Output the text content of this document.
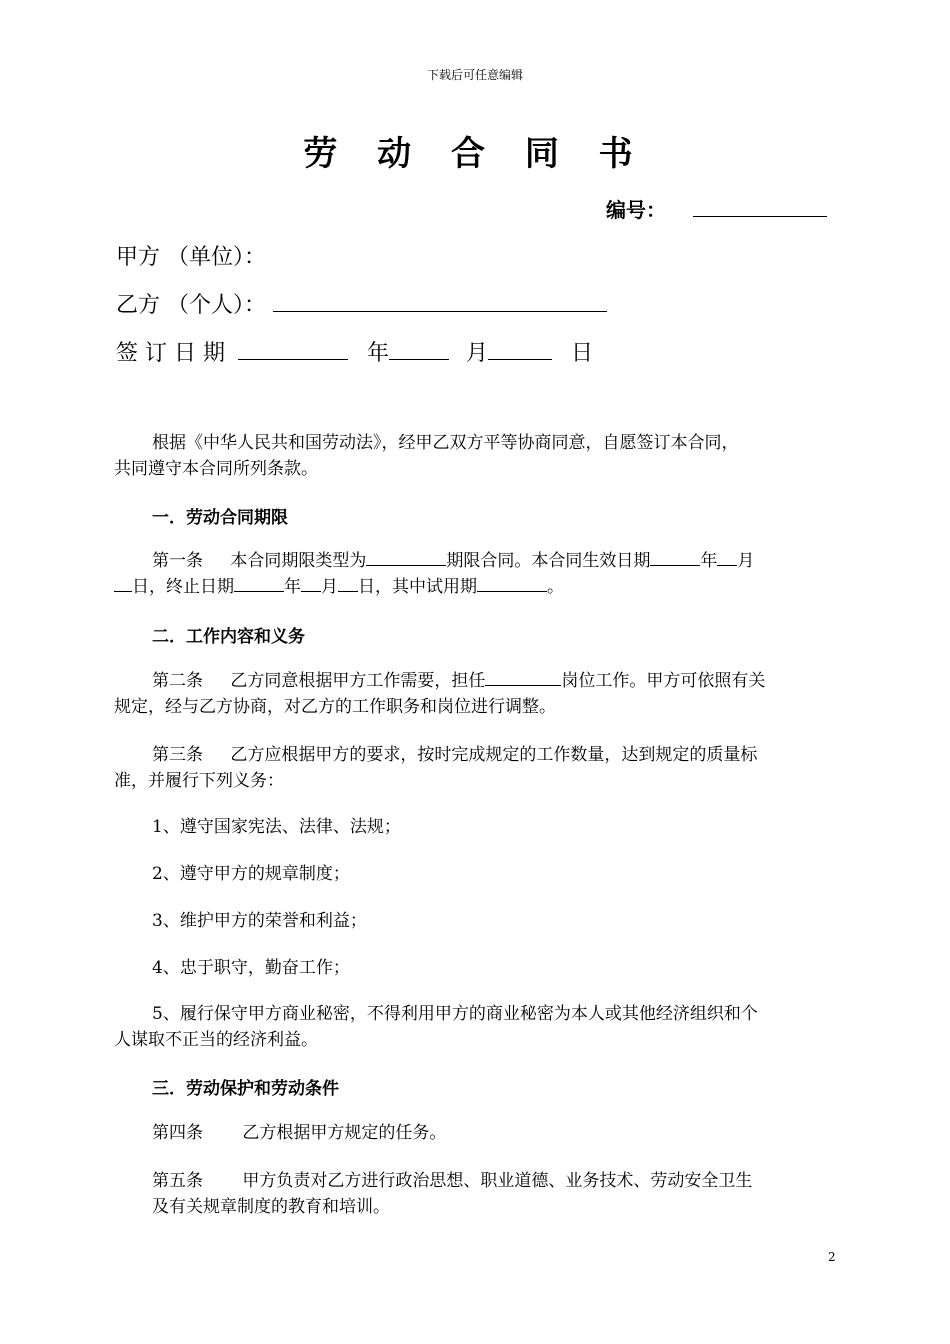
下载后可任意编辑
劳 动 合 同 书
编号：
甲方 （单位）：
乙方 （个人）：
签 订 日 期	年	月	日
根据《中华人民共和国劳动法》，经甲乙双方平等协商同意，自愿签订本合同，
共同遵守本合同所列条款。
一．劳动合同期限
第一条 本合同期限类型为	期限合同。本合同生效日期	年 月
日，终止日期	年 月 日，其中试用期	。
二．工作内容和义务
第二条 乙方同意根据甲方工作需要，担任	岗位工作。甲方可依照有关
规定，经与乙方协商，对乙方的工作职务和岗位进行调整。
第三条 乙方应根据甲方的要求，按时完成规定的工作数量，达到规定的质量标
准，并履行下列义务：
1、遵守国家宪法、法律、法规；
2、遵守甲方的规章制度；
3、维护甲方的荣誉和利益；
4、忠于职守，勤奋工作；
5、履行保守甲方商业秘密，不得利用甲方的商业秘密为本人或其他经济组织和个
人谋取不正当的经济利益。
三．劳动保护和劳动条件
第四条 乙方根据甲方规定的任务。
第五条 甲方负责对乙方进行政治思想、职业道德、业务技术、劳动安全卫生
及有关规章制度的教育和培训。
2
